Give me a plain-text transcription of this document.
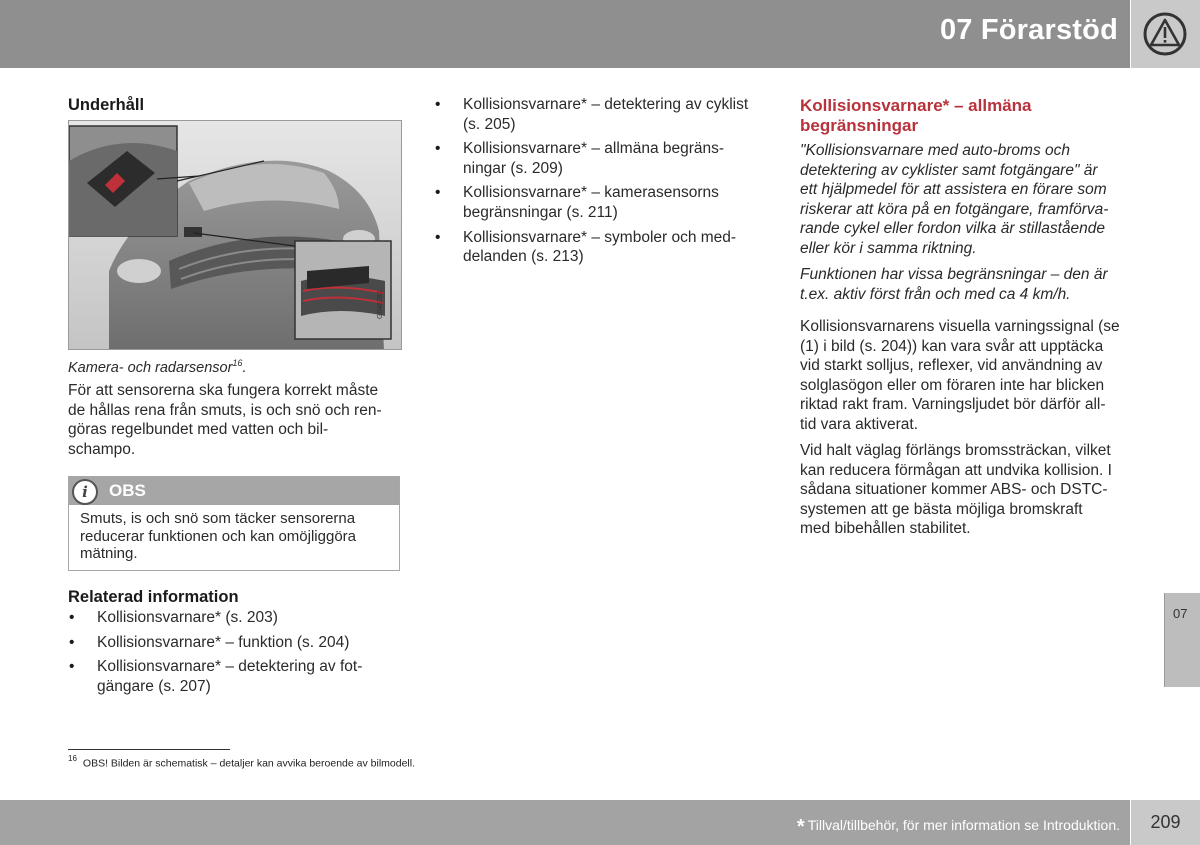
07 Förarstöd
Underhåll
G046281
Kamera- och radarsensor$^{16}$.
För att sensorerna ska fungera korrekt måste
de hållas rena från smuts, is och snö och ren-
göras regelbundet med vatten och bil-
schampo.
i	OBS
Smuts, is och snö som täcker sensorerna
reducerar funktionen och kan omöjliggöra
mätning.
Relaterad information
• Kollisionsvarnare* (s. 203)
• Kollisionsvarnare* – funktion (s. 204)
• Kollisionsvarnare* – detektering av fot-
gängare (s. 207)
• Kollisionsvarnare* – detektering av cyklist
(s. 205)
• Kollisionsvarnare* – allmäna begräns-
ningar (s. 209)
• Kollisionsvarnare* – kamerasensorns
begränsningar (s. 211)
• Kollisionsvarnare* – symboler och med-
delanden (s. 213)
Kollisionsvarnare* – allmäna
begränsningar
"Kollisionsvarnare med auto-broms och
detektering av cyklister samt fotgängare" är
ett hjälpmedel för att assistera en förare som
riskerar att köra på en fotgängare, framförva-
rande cykel eller fordon vilka är stillastående
eller kör i samma riktning.
Funktionen har vissa begränsningar – den är
t.ex. aktiv först från och med ca 4 km/h.
Kollisionsvarnarens visuella varningssignal (se
(1) i bild (s. 204)) kan vara svår att upptäcka
vid starkt solljus, reflexer, vid användning av
solglasögon eller om föraren inte har blicken
riktad rakt fram. Varningsljudet bör därför all-
tid vara aktiverat.
Vid halt väglag förlängs bromssträckan, vilket
kan reducera förmågan att undvika kollision. I
sådana situationer kommer ABS- och DSTC-
systemen att ge bästa möjliga bromskraft
med bibehållen stabilitet.
$^{16}$ OBS! Bilden är schematisk – detaljer kan avvika beroende av bilmodell.
07
* Tillval/tillbehör, för mer information se Introduktion.	209
